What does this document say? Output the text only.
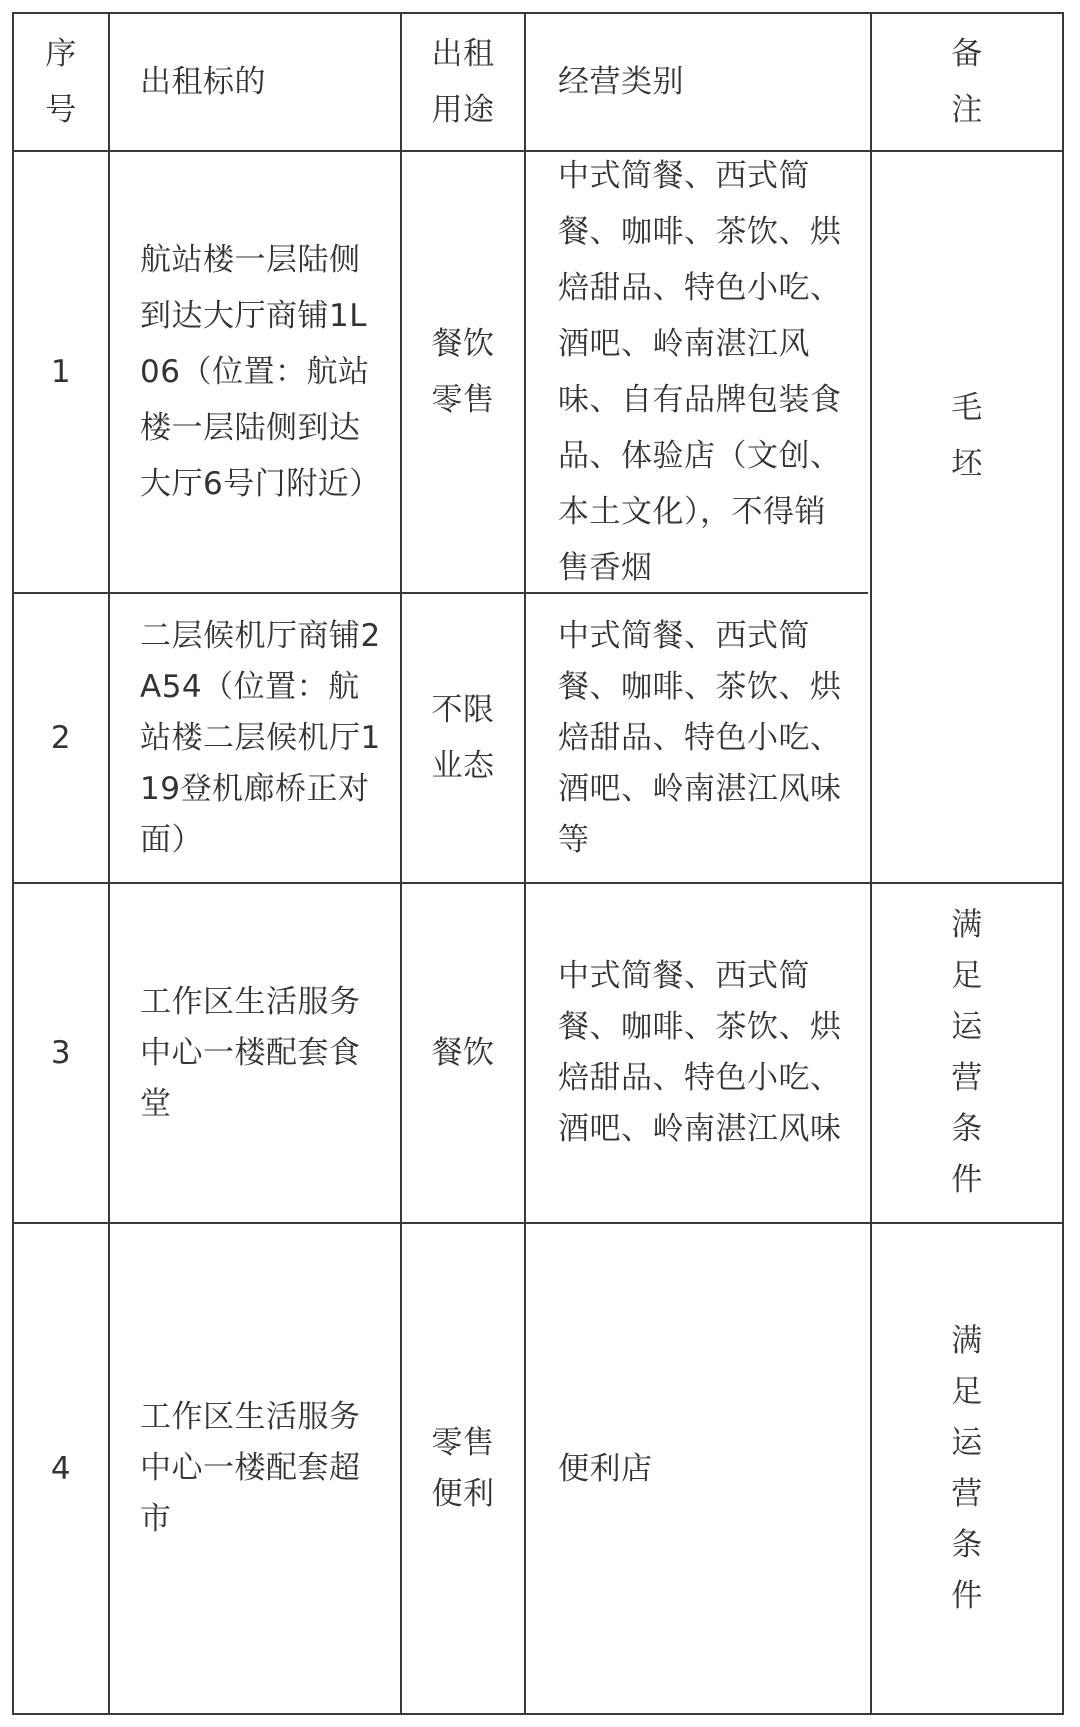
序
号
出租标的
出租
用途
经营类别
备
注
1
航站楼一层陆侧
到达大厅商铺1L
06（位置：航站
楼一层陆侧到达
大厅6号门附近）
餐饮
零售
中式简餐、西式简
餐、咖啡、茶饮、烘
焙甜品、特色小吃、
酒吧、岭南湛江风
味、自有品牌包装食
品、体验店（文创、
本土文化），不得销
售香烟
毛
坯
2
二层候机厅商铺2
A54（位置：航
站楼二层候机厅1
19登机廊桥正对
面）
不限
业态
中式简餐、西式简
餐、咖啡、茶饮、烘
焙甜品、特色小吃、
酒吧、岭南湛江风味
等
3
工作区生活服务
中心一楼配套食
堂
餐饮
中式简餐、西式简
餐、咖啡、茶饮、烘
焙甜品、特色小吃、
酒吧、岭南湛江风味
满
足
运
营
条
件
4
工作区生活服务
中心一楼配套超
市
零售
便利
便利店
满
足
运
营
条
件
